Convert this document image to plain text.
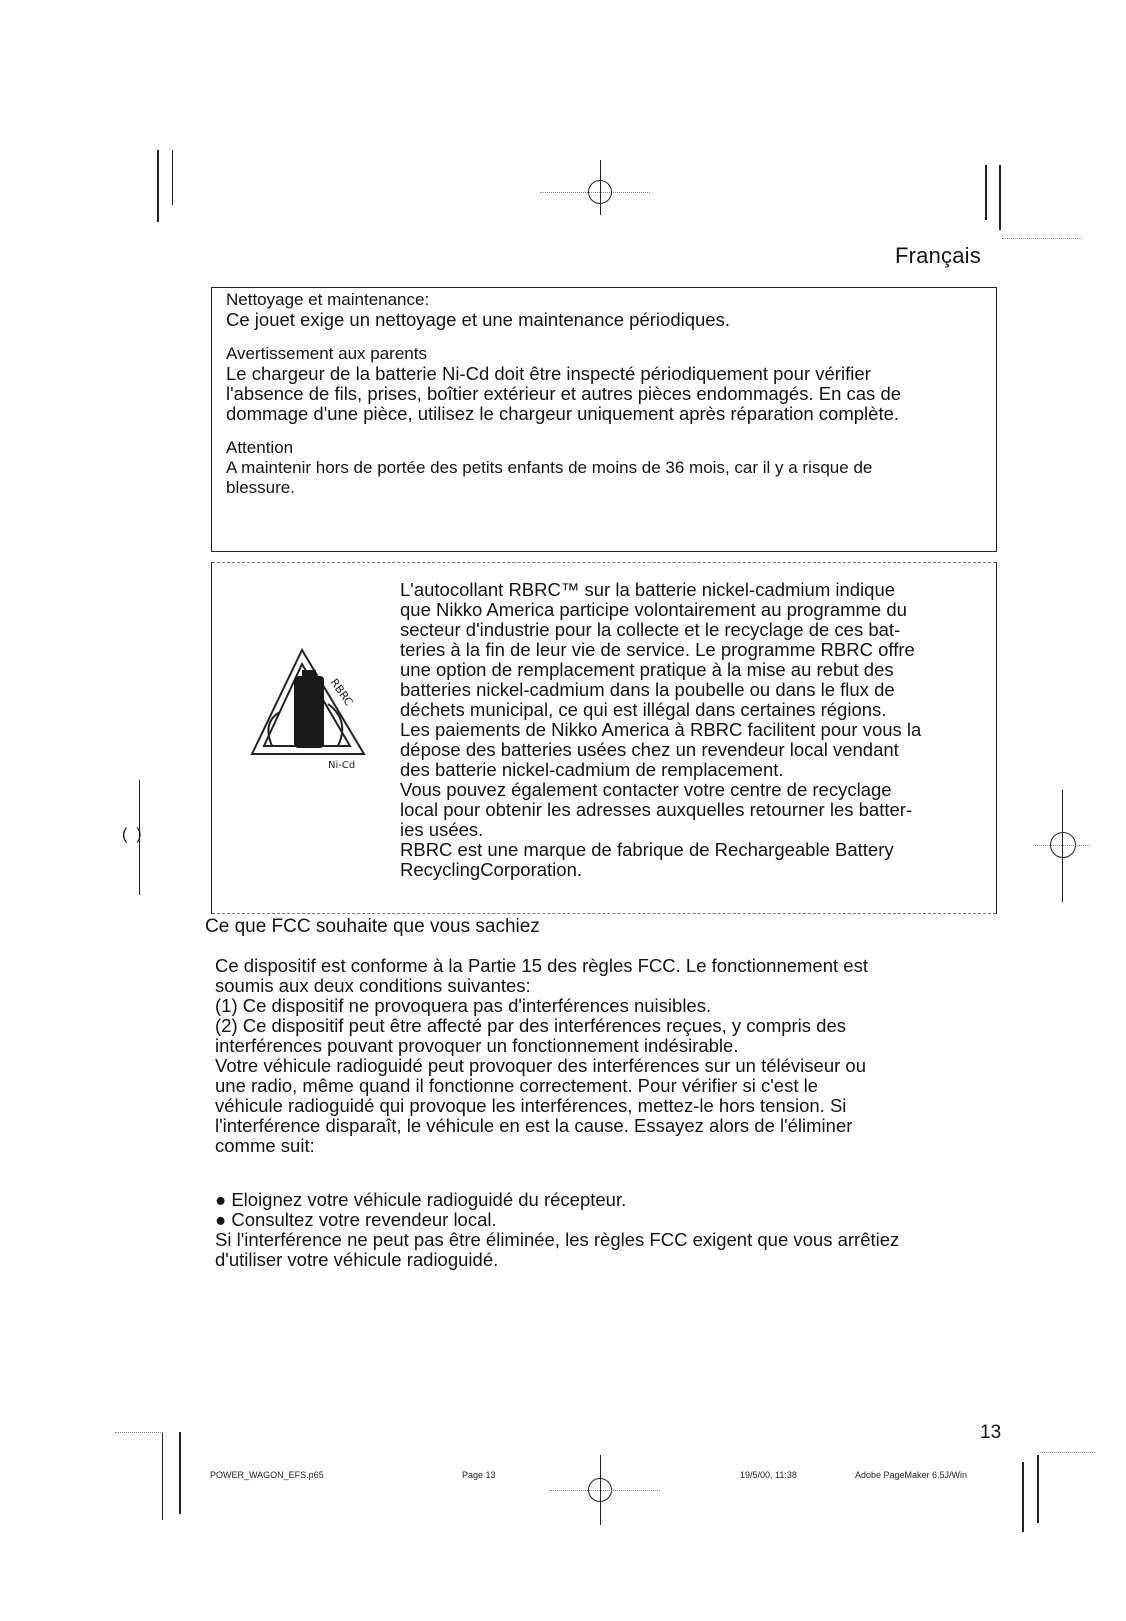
(  )
Français

Nettoyage et maintenance:

Ce jouet exige un nettoyage et une maintenance périodiques.

Avertissement aux parents

Le chargeur de la batterie Ni-Cd doit être inspecté périodiquement pour vérifier

l'absence de fils, prises, boîtier extérieur et autres pièces endommagés. En cas de

dommage d'une pièce, utilisez le chargeur uniquement après réparation complète.

Attention

A maintenir hors de portée des petits enfants de moins de 36 mois, car il y a risque de

blessure.

RBRC
Ni-Cd

L'autocollant RBRC™ sur la batterie nickel-cadmium indique

que Nikko America participe volontairement au programme du

secteur d'industrie pour la collecte et le recyclage de ces bat-

teries à la fin de leur vie de service. Le programme RBRC offre

une option de remplacement pratique à la mise au rebut des

batteries nickel-cadmium dans la poubelle ou dans le flux de

déchets municipal, ce qui est illégal dans certaines régions.

Les paiements de Nikko America à RBRC facilitent pour vous la

dépose des batteries usées chez un revendeur local vendant

des batterie nickel-cadmium de remplacement.

Vous pouvez également contacter votre centre de recyclage

local pour obtenir les adresses auxquelles retourner les batter-

ies usées.

RBRC est une marque de fabrique de Rechargeable Battery

RecyclingCorporation.

Ce que FCC souhaite que vous sachiez

Ce dispositif est conforme à la Partie 15 des règles FCC. Le fonctionnement est

soumis aux deux conditions suivantes:

(1) Ce dispositif ne provoquera pas d'interférences nuisibles.

(2) Ce dispositif peut être affecté par des interférences reçues, y compris des

interférences pouvant provoquer un fonctionnement indésirable.

Votre véhicule radioguidé peut provoquer des interférences sur un téléviseur ou

une radio, même quand il fonctionne correctement. Pour vérifier si c'est le

véhicule radioguidé qui provoque les interférences, mettez-le hors tension. Si

l'interférence disparaît, le véhicule en est la cause. Essayez alors de l'éliminer

comme suit:

● Eloignez votre véhicule radioguidé du récepteur.

● Consultez votre revendeur local.

Si l'interférence ne peut pas être éliminée, les règles FCC exigent que vous arrêtiez

d'utiliser votre véhicule radioguidé.

13
POWER_WAGON_EFS.p65	Page 13	19/5/00, 11:38	Adobe PageMaker 6.5J/Win
